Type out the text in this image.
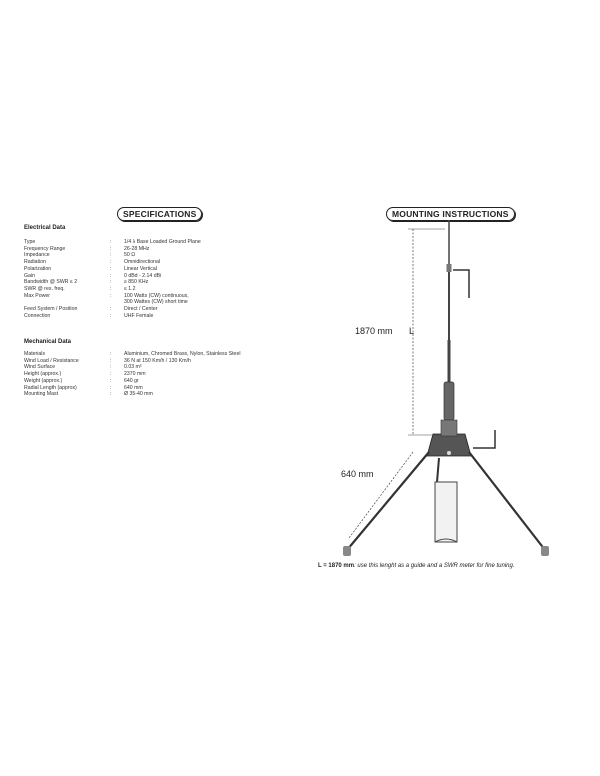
SPECIFICATIONS	MOUNTING INSTRUCTIONS
Electrical Data
Type	:	1/4 λ Base Loaded Ground Plane
Frequency Range	:	26-28 MHz
Impedance	:	50 Ω
Radiation	:	Omnidirectional
Polarization	:	Linear Vertical
Gain	:	0 dBd - 2.14 dBi
Bandwidth @ SWR ≤ 2	:	≥ 850 KHz
SWR @ res. freq.	:	≤ 1.2
Max Power	:	100 Watts (CW) continuous,
300 Wattes (CW) short time
Feed System / Position	:	Direct / Center
Connection	:	UHF Female
Mechanical Data
Materials	:	Aluminium, Chromed Brass, Nylon, Stainless Steel
Wind Load / Resistance	:	36 N at 150 Km/h / 130 Km/h
Wind Surface	:	0.03 m²
Height (approx.)	:	2370 mm
Weight (approx.)	:	640 gr
Radial Length (approx)	:	640 mm
Mounting Mast	:	Ø 35-40 mm
1870 mm L
640 mm
L = 1870 mm: use this lenght as a guide and a SWR meter for fine tuning.
